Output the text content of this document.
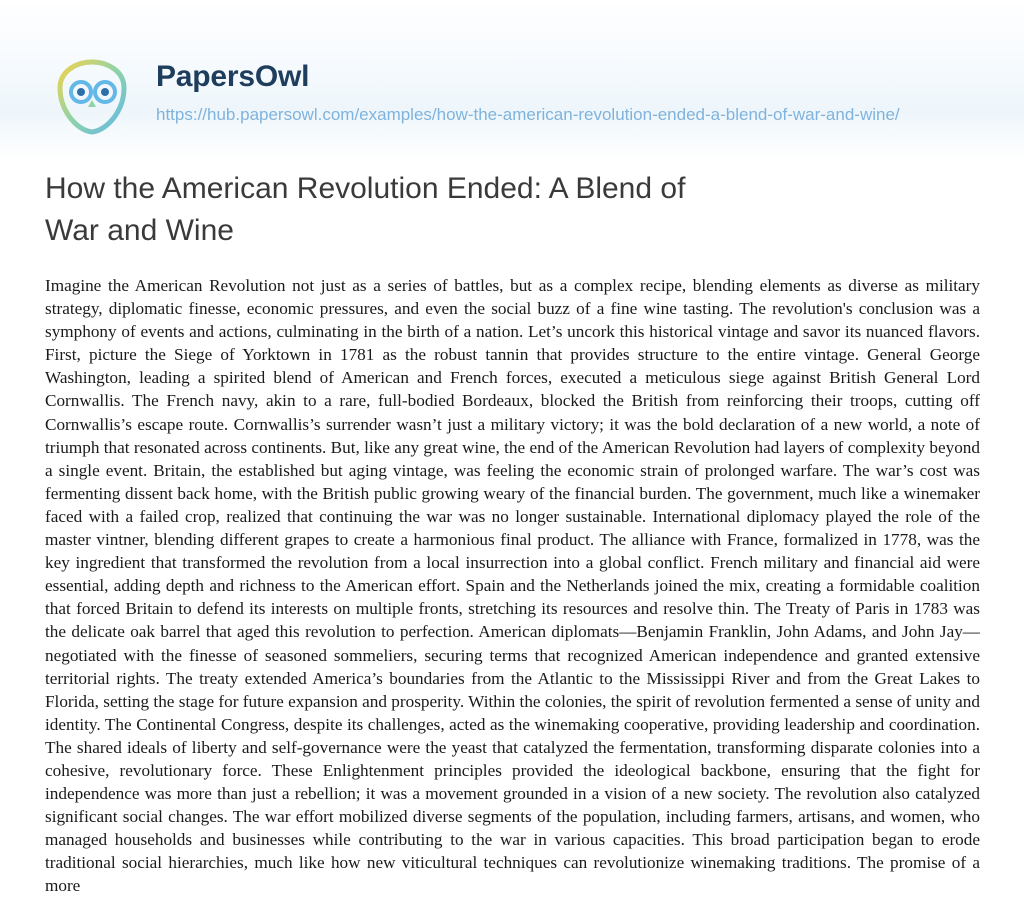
PapersOwl
https://hub.papersowl.com/examples/how-the-american-revolution-ended-a-blend-of-war-and-wine/
How the American Revolution Ended: A Blend of War and Wine

Imagine the American Revolution not just as a series of battles, but as a complex recipe, blending elements as diverse as military strategy, diplomatic finesse, economic pressures, and even the social buzz of a fine wine tasting. The revolution's conclusion was a symphony of events and actions, culminating in the birth of a nation. Let’s uncork this historical vintage and savor its nuanced flavors. First, picture the Siege of Yorktown in 1781 as the robust tannin that provides structure to the entire vintage. General George Washington, leading a spirited blend of American and French forces, executed a meticulous siege against British General Lord Cornwallis. The French navy, akin to a rare, full-bodied Bordeaux, blocked the British from reinforcing their troops, cutting off Cornwallis’s escape route. Cornwallis’s surrender wasn’t just a military victory; it was the bold declaration of a new world, a note of triumph that resonated across continents. But, like any great wine, the end of the American Revolution had layers of complexity beyond a single event. Britain, the established but aging vintage, was feeling the economic strain of prolonged warfare. The war’s cost was fermenting dissent back home, with the British public growing weary of the financial burden. The government, much like a winemaker faced with a failed crop, realized that continuing the war was no longer sustainable. International diplomacy played the role of the master vintner, blending different grapes to create a harmonious final product. The alliance with France, formalized in 1778, was the key ingredient that transformed the revolution from a local insurrection into a global conflict. French military and financial aid were essential, adding depth and richness to the American effort. Spain and the Netherlands joined the mix, creating a formidable coalition that forced Britain to defend its interests on multiple fronts, stretching its resources and resolve thin. The Treaty of Paris in 1783 was the delicate oak barrel that aged this revolution to perfection. American diplomats—Benjamin Franklin, John Adams, and John Jay—negotiated with the finesse of seasoned sommeliers, securing terms that recognized American independence and granted extensive territorial rights. The treaty extended America’s boundaries from the Atlantic to the Mississippi River and from the Great Lakes to Florida, setting the stage for future expansion and prosperity. Within the colonies, the spirit of revolution fermented a sense of unity and identity. The Continental Congress, despite its challenges, acted as the winemaking cooperative, providing leadership and coordination. The shared ideals of liberty and self-governance were the yeast that catalyzed the fermentation, transforming disparate colonies into a cohesive, revolutionary force. These Enlightenment principles provided the ideological backbone, ensuring that the fight for independence was more than just a rebellion; it was a movement grounded in a vision of a new society. The revolution also catalyzed significant social changes. The war effort mobilized diverse segments of the population, including farmers, artisans, and women, who managed households and businesses while contributing to the war in various capacities. This broad participation began to erode traditional social hierarchies, much like how new viticultural techniques can revolutionize winemaking traditions. The promise of a more
